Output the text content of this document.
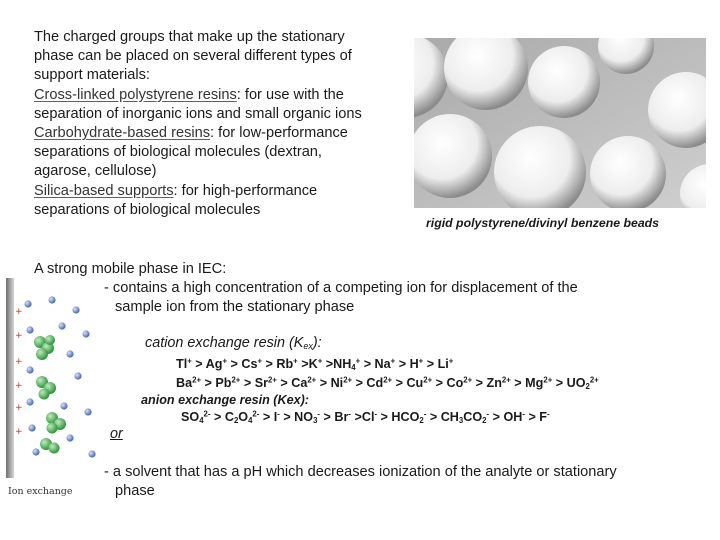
The charged groups that make up the stationary
phase can be placed on several different types of
support materials:
Cross-linked polystyrene resins: for use with the
separation of inorganic ions and small organic ions
Carbohydrate-based resins: for low-performance
separations of biological molecules (dextran,
agarose, cellulose)
Silica-based supports: for high-performance
separations of biological molecules
rigid polystyrene/divinyl benzene beads
A strong mobile phase in IEC:
- contains a high concentration of a competing ion for displacement of the
sample ion from the stationary phase
+
+
+
+
+
+
Ion exchange
cation exchange resin $(K_{ex})$:
$Tl^+ > Ag^+ > Cs^+ > Rb^+ >K^+ >NH_4^+ > Na^+ > H^+ > Li^+$
$Ba^{2+} > Pb^{2+} > Sr^{2+} > Ca^{2+} > Ni^{2+} > Cd^{2+} > Cu^{2+} > Co^{2+} > Zn^{2+} > Mg^{2+} > UO_2^{2+}$
anion exchange resin (Kex):
$SO_4^{2-} > C_2O_4^{2-} > I^- > NO_3^- > Br^- >Cl^- > HCO_2^- > CH_3CO_2^- > OH^- > F^-$
or
- a solvent that has a pH which decreases ionization of the analyte or stationary
phase
